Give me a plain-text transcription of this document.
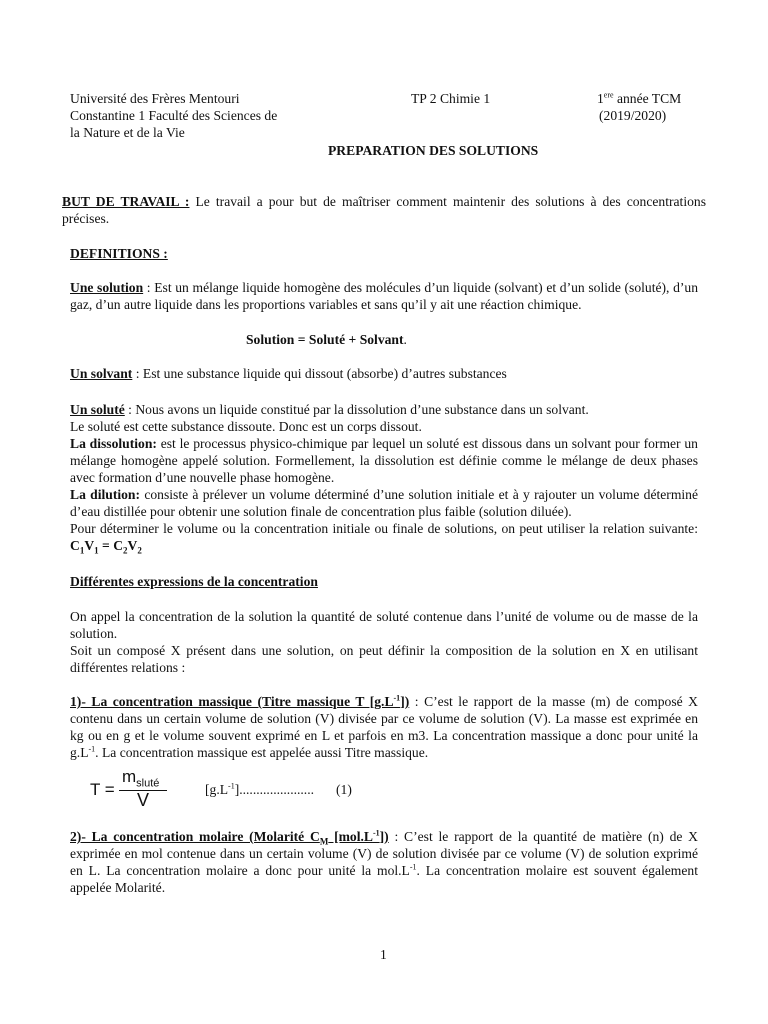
Université des Frères Mentouri

Constantine 1 Faculté des Sciences de

la Nature et de la Vie

TP 2 Chimie 1	1ere année TCM

(2019/2020)

PREPARATION DES SOLUTIONS

BUT DE TRAVAIL : Le travail a pour but de maîtriser comment maintenir des solutions à des concentrations précises.

DEFINITIONS :

Une solution : Est un mélange liquide homogène des molécules d’un liquide (solvant) et d’un solide (soluté), d’un gaz, d’un autre liquide dans les proportions variables et sans qu’il y ait une réaction chimique.

Solution = Soluté + Solvant.

Un solvant : Est une substance liquide qui dissout (absorbe) d’autres substances

Un soluté : Nous avons un liquide constitué par la dissolution d’une substance dans un solvant.

Le soluté est cette substance dissoute. Donc est un corps dissout.

La dissolution: est le processus physico-chimique par lequel un soluté est dissous dans un solvant pour former un mélange homogène appelé solution. Formellement, la dissolution est définie comme le mélange de deux phases avec formation d’une nouvelle phase homogène.

La dilution: consiste à prélever un volume déterminé d’une solution initiale et à y rajouter un volume déterminé d’eau distillée pour obtenir une solution finale de concentration plus faible (solution diluée).

Pour déterminer le volume ou la concentration initiale ou finale de solutions, on peut utiliser la relation suivante: $C_1V_1 = C_2V_2$

Différentes expressions de la concentration

On appel la concentration de la solution la quantité de soluté contenue dans l’unité de volume ou de masse de la solution.

Soit un composé X présent dans une solution, on peut définir la composition de la solution en X en utilisant différentes relations :

1)- La concentration massique (Titre massique T $[g.L^{-1}]$) : C’est le rapport de la masse (m) de composé X contenu dans un certain volume de solution (V) divisée par ce volume de solution (V). La masse est exprimée en kg ou en g et le volume souvent exprimé en L et parfois en m3. La concentration massique a donc pour unité la $g.L^{-1}$. La concentration massique est appelée aussi Titre massique.

T =
$m_{sluté}$
V
$[g.L^{-1}]$...................... (1)

2)- La concentration molaire (Molarité $C_M$ $[mol.L^{-1}]$) : C’est le rapport de la quantité de matière (n) de X exprimée en mol contenue dans un certain volume (V) de solution divisée par ce volume (V) de solution exprimé en L. La concentration molaire a donc pour unité la $mol.L^{-1}$. La concentration molaire est souvent également appelée Molarité.

1
